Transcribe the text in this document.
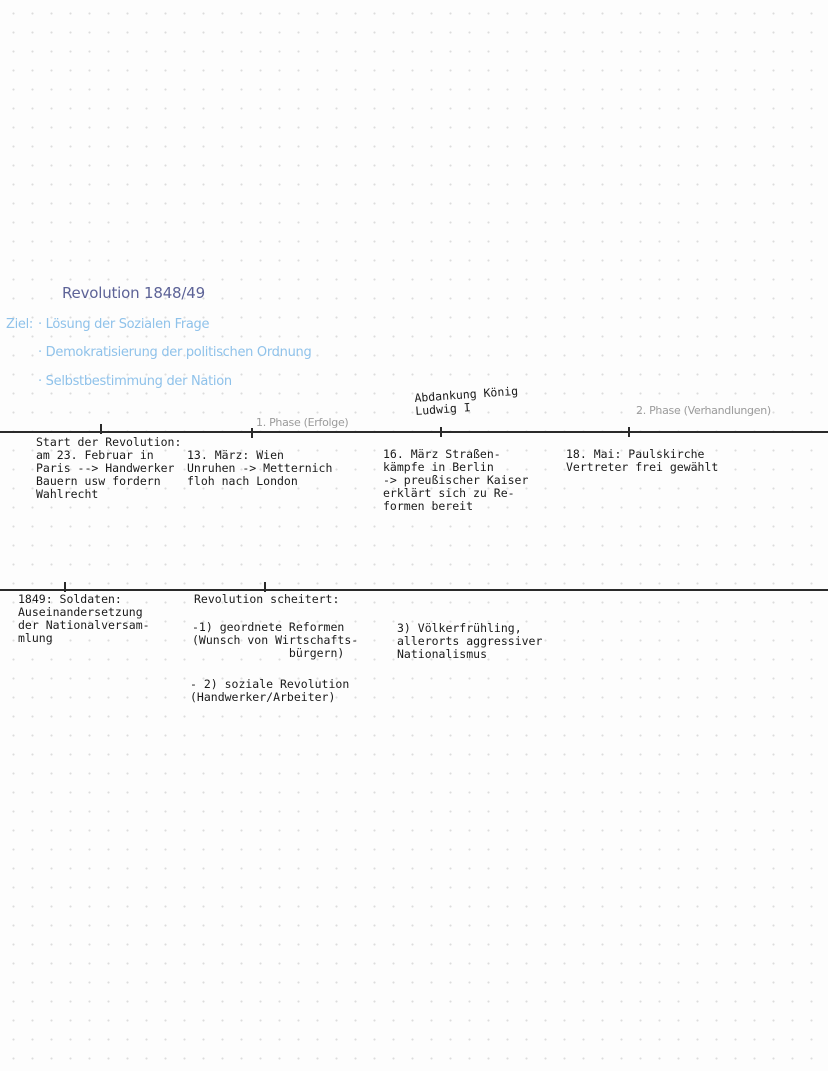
Revolution 1848/49
Ziel: · Lösung der Sozialen Frage
· Demokratisierung der politischen Ordnung
· Selbstbestimmung der Nation
1. Phase (Erfolge)
2. Phase (Verhandlungen)
Abdankung König
Ludwig I
Start der Revolution:
am 23. Februar in
Paris --> Handwerker
Bauern usw fordern
Wahlrecht
13. März: Wien
Unruhen -> Metternich
floh nach London
16. März Straßen-
kämpfe in Berlin
-> preußischer Kaiser
erklärt sich zu Re-
formen bereit
18. Mai: Paulskirche
Vertreter frei gewählt
1849: Soldaten:
Auseinandersetzung
der Nationalversam-
mlung
Revolution scheitert:
-1) geordnete Reformen
(Wunsch von Wirtschafts-
bürgern)
- 2) soziale Revolution
(Handwerker/Arbeiter)
3) Völkerfrühling,
allerorts aggressiver
Nationalismus
